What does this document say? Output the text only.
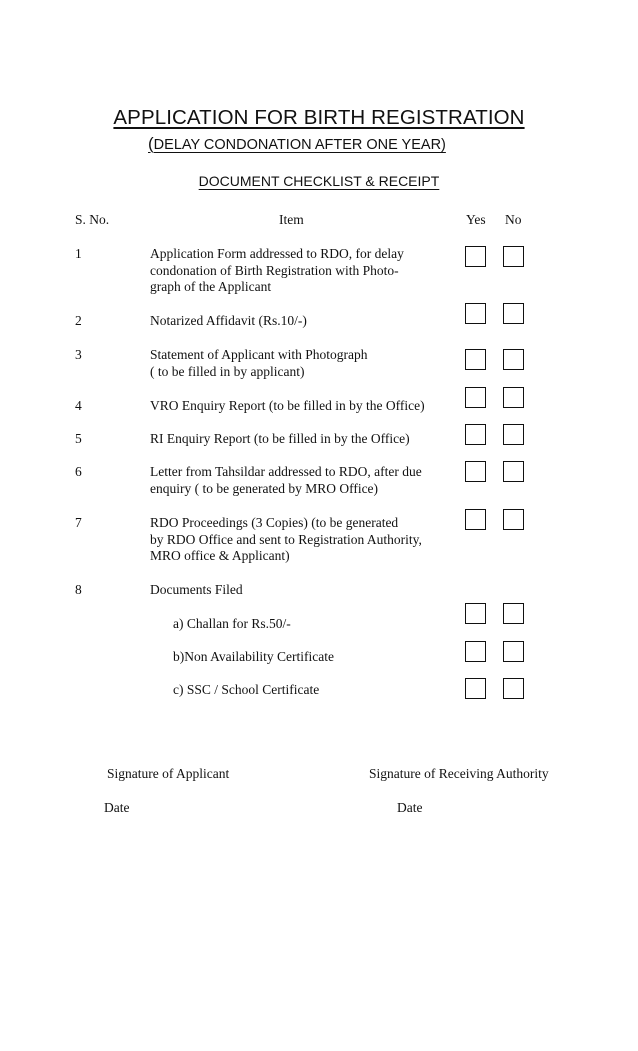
APPLICATION FOR BIRTH REGISTRATION
(DELAY CONDONATION AFTER ONE YEAR)
DOCUMENT CHECKLIST & RECEIPT
S. No.	Item	Yes No
1	Application Form addressed to RDO, for delay
condonation of Birth Registration with Photo-
graph of the Applicant
2	Notarized Affidavit (Rs.10/-)
3	Statement of Applicant with Photograph
( to be filled in by applicant)
4	VRO Enquiry Report (to be filled in by the Office)
5	RI Enquiry Report (to be filled in by the Office)
6	Letter from Tahsildar addressed to RDO, after due
enquiry ( to be generated by MRO Office)
7	RDO Proceedings (3 Copies) (to be generated
by RDO Office and sent to Registration Authority,
MRO office & Applicant)
8	Documents Filed
a) Challan for Rs.50/-
b)Non Availability Certificate
c) SSC / School Certificate
Signature of Applicant	Signature of Receiving Authority
Date	Date
